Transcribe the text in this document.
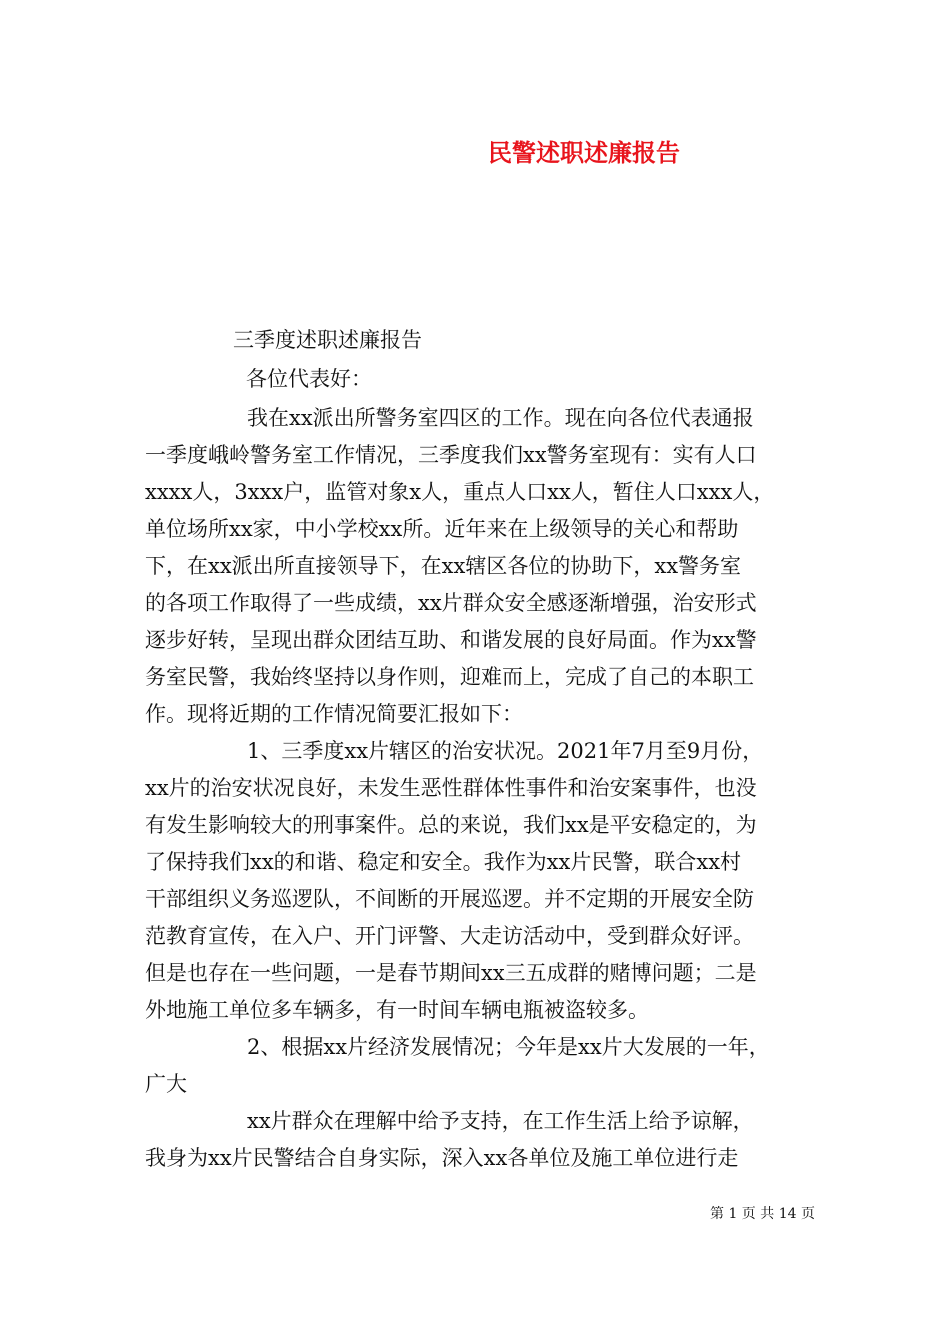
民警述职述廉报告
三季度述职述廉报告
各位代表好：
我在xx派出所警务室四区的工作。现在向各位代表通报
一季度峨岭警务室工作情况，三季度我们xx警务室现有：实有人口
xxxx人，3xxx户，监管对象x人，重点人口xx人，暂住人口xxx人，
单位场所xx家，中小学校xx所。近年来在上级领导的关心和帮助
下，在xx派出所直接领导下，在xx辖区各位的协助下，xx警务室
的各项工作取得了一些成绩，xx片群众安全感逐渐增强，治安形式
逐步好转，呈现出群众团结互助、和谐发展的良好局面。作为xx警
务室民警，我始终坚持以身作则，迎难而上，完成了自己的本职工
作。现将近期的工作情况简要汇报如下：
1、三季度xx片辖区的治安状况。2021年7月至9月份，
xx片的治安状况良好，未发生恶性群体性事件和治安案事件，也没
有发生影响较大的刑事案件。总的来说，我们xx是平安稳定的，为
了保持我们xx的和谐、稳定和安全。我作为xx片民警，联合xx村
干部组织义务巡逻队，不间断的开展巡逻。并不定期的开展安全防
范教育宣传，在入户、开门评警、大走访活动中，受到群众好评。
但是也存在一些问题，一是春节期间xx三五成群的赌博问题；二是
外地施工单位多车辆多，有一时间车辆电瓶被盗较多。
2、根据xx片经济发展情况；今年是xx片大发展的一年，
广大
xx片群众在理解中给予支持，在工作生活上给予谅解，
我身为xx片民警结合自身实际，深入xx各单位及施工单位进行走
第 1 页 共 14 页
